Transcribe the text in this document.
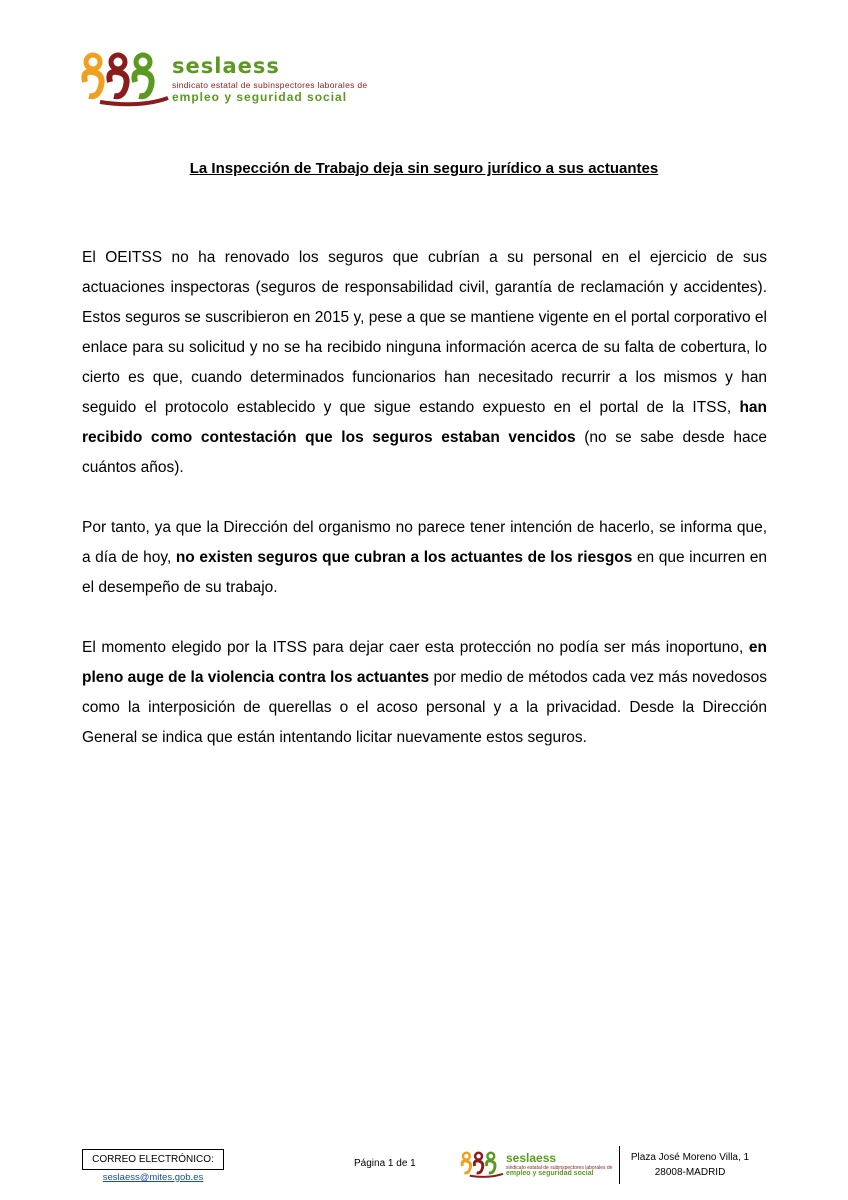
seslaess
sindicato estatal de subinspectores laborales de
empleo y seguridad social
La Inspección de Trabajo deja sin seguro jurídico a sus actuantes

El OEITSS no ha renovado los seguros que cubrían a su personal en el ejercicio de sus actuaciones inspectoras (seguros de responsabilidad civil, garantía de reclamación y accidentes). Estos seguros se suscribieron en 2015 y, pese a que se mantiene vigente en el portal corporativo el enlace para su solicitud y no se ha recibido ninguna información acerca de su falta de cobertura, lo cierto es que, cuando determinados funcionarios han necesitado recurrir a los mismos y han seguido el protocolo establecido y que sigue estando expuesto en el portal de la ITSS, han recibido como contestación que los seguros estaban vencidos (no se sabe desde hace cuántos años).

Por tanto, ya que la Dirección del organismo no parece tener intención de hacerlo, se informa que, a día de hoy, no existen seguros que cubran a los actuantes de los riesgos en que incurren en el desempeño de su trabajo.

El momento elegido por la ITSS para dejar caer esta protección no podía ser más inoportuno, en pleno auge de la violencia contra los actuantes por medio de métodos cada vez más novedosos como la interposición de querellas o el acoso personal y a la privacidad. Desde la Dirección General se indica que están intentando licitar nuevamente estos seguros.

CORREO ELECTRÓNICO:
seslaess@mites.gob.es
Página 1 de 1	seslaess
sindicato estatal de subinspectores laborales de
empleo y seguridad social
Plaza José Moreno Villa, 1
28008-MADRID
